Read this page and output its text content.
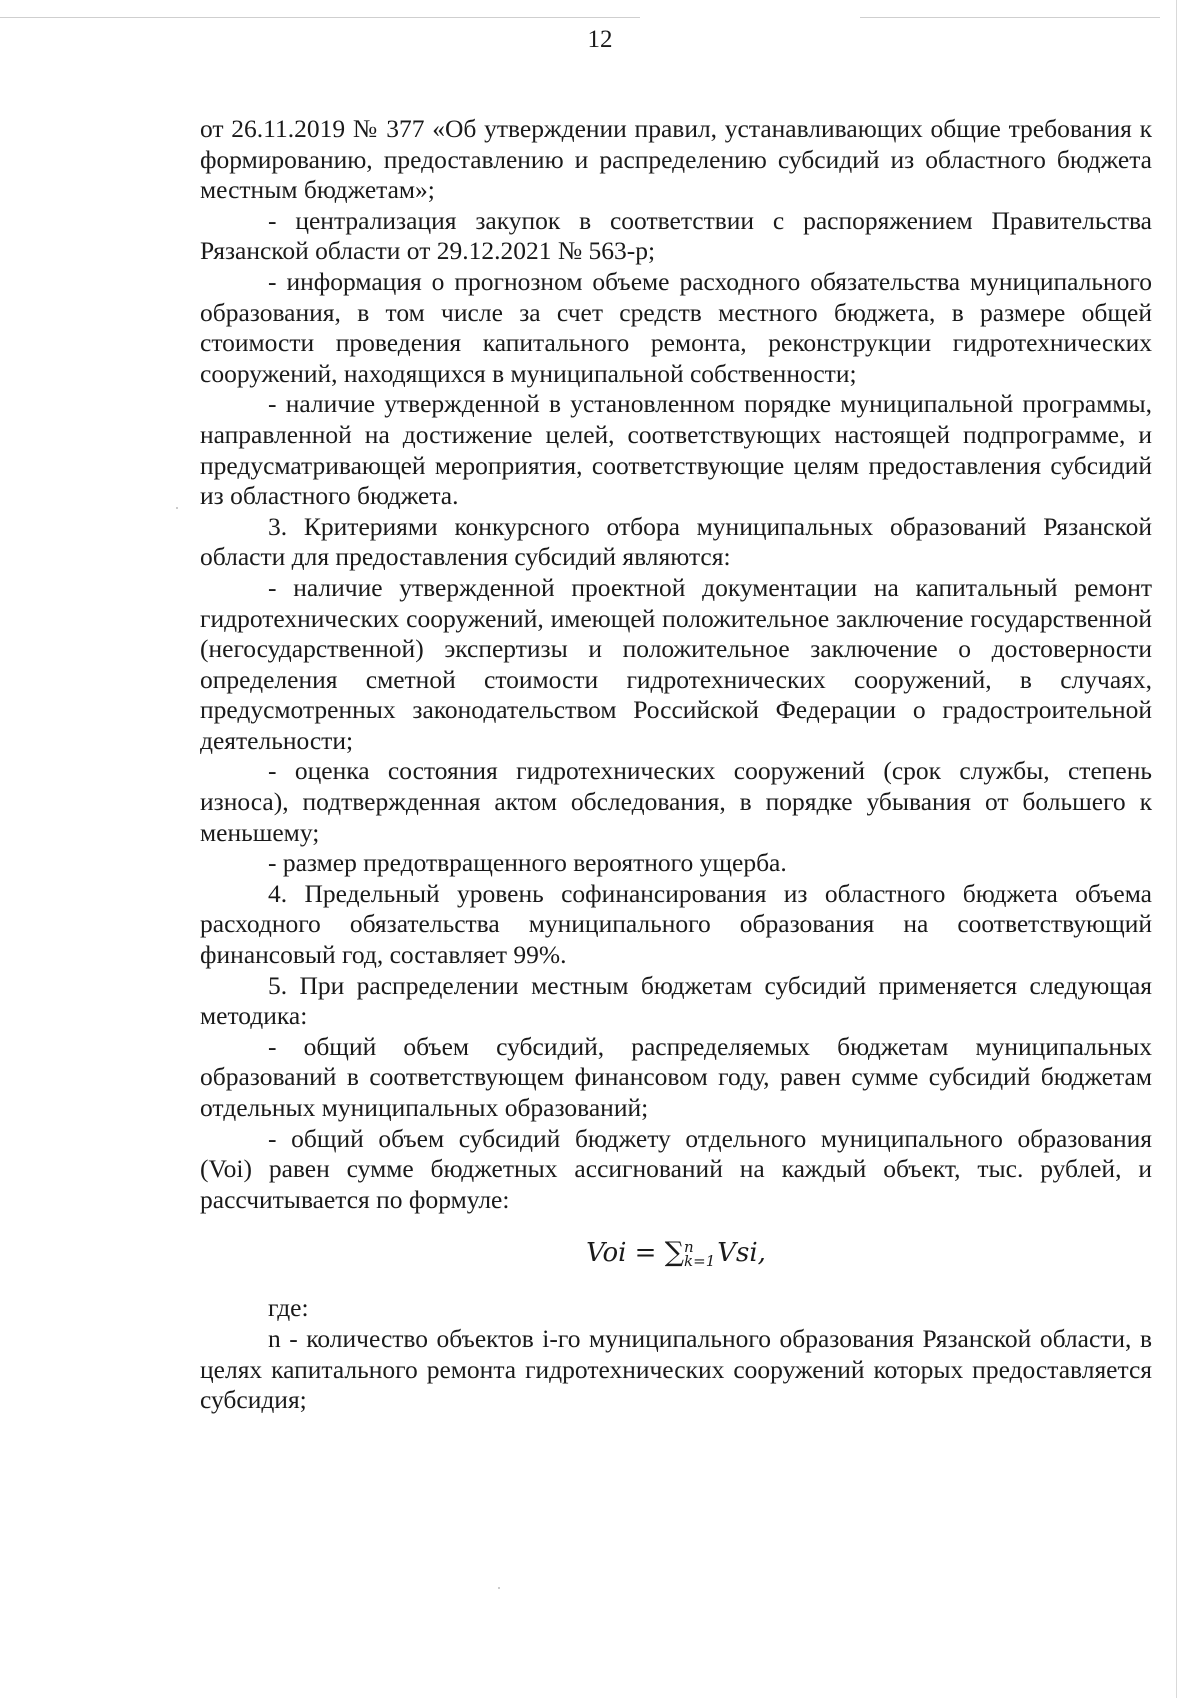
12

от 26.11.2019 № 377 «Об утверждении правил, устанавливающих общие требования к формированию, предоставлению и распределению субсидий из областного бюджета местным бюджетам»;

- централизация закупок в соответствии с распоряжением Правительства Рязанской области от 29.12.2021 № 563-р;

- информация о прогнозном объеме расходного обязательства муниципального образования, в том числе за счет средств местного бюджета, в размере общей стоимости проведения капитального ремонта, реконструкции гидротехнических сооружений, находящихся в муниципальной собственности;

- наличие утвержденной в установленном порядке муниципальной программы, направленной на достижение целей, соответствующих настоящей подпрограмме, и предусматривающей мероприятия, соответствующие целям предоставления субсидий из областного бюджета.

3. Критериями конкурсного отбора муниципальных образований Рязанской области для предоставления субсидий являются:

- наличие утвержденной проектной документации на капитальный ремонт гидротехнических сооружений, имеющей положительное заключение государственной (негосударственной) экспертизы и положительное заключение о достоверности определения сметной стоимости гидротехнических сооружений, в случаях, предусмотренных законодательством Российской Федерации о градостроительной деятельности;

- оценка состояния гидротехнических сооружений (срок службы, степень износа), подтвержденная актом обследования, в порядке убывания от большего к меньшему;

- размер предотвращенного вероятного ущерба.

4. Предельный уровень софинансирования из областного бюджета объема расходного обязательства муниципального образования на соответствующий финансовый год, составляет 99%.

5. При распределении местным бюджетам субсидий применяется следующая методика:

- общий объем субсидий, распределяемых бюджетам муниципальных образований в соответствующем финансовом году, равен сумме субсидий бюджетам отдельных муниципальных образований;

- общий объем субсидий бюджету отдельного муниципального образования (Voi) равен сумме бюджетных ассигнований на каждый объект, тыс. рублей, и рассчитывается по формуле:

Voi = ∑ n
k=1 Vsi,

где:

n - количество объектов i-го муниципального образования Рязанской области, в целях капитального ремонта гидротехнических сооружений которых предоставляется субсидия;
